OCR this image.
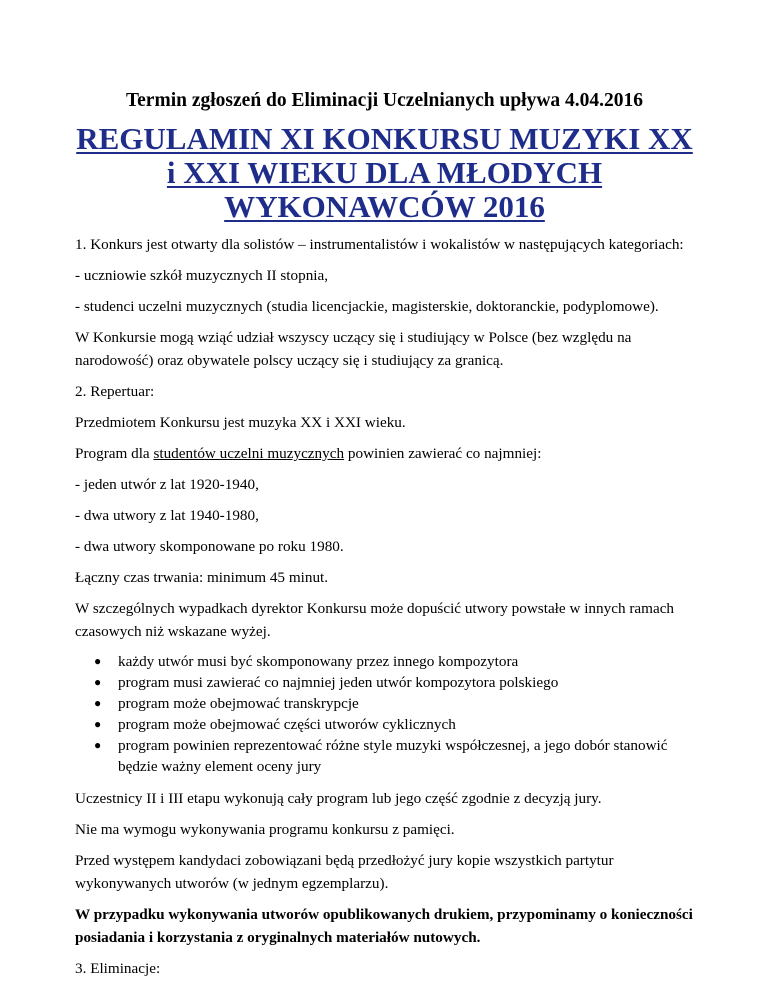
Termin zgłoszeń do Eliminacji Uczelnianych upływa 4.04.2016
REGULAMIN XI KONKURSU MUZYKI XX
i XXI WIEKU DLA MŁODYCH
WYKONAWCÓW 2016

1. Konkurs jest otwarty dla solistów – instrumentalistów i wokalistów w następujących kategoriach:

- uczniowie szkół muzycznych II stopnia,

- studenci uczelni muzycznych (studia licencjackie, magisterskie, doktoranckie, podyplomowe).

W Konkursie mogą wziąć udział wszyscy uczący się i studiujący w Polsce (bez względu na narodowość) oraz obywatele polscy uczący się i studiujący za granicą.

2. Repertuar:

Przedmiotem Konkursu jest muzyka XX i XXI wieku.

Program dla studentów uczelni muzycznych powinien zawierać co najmniej:

- jeden utwór z lat 1920-1940,

- dwa utwory z lat 1940-1980,

- dwa utwory skomponowane po roku 1980.

Łączny czas trwania: minimum 45 minut.

W szczególnych wypadkach dyrektor Konkursu może dopuścić utwory powstałe w innych ramach czasowych niż wskazane wyżej.

● każdy utwór musi być skomponowany przez innego kompozytora
● program musi zawierać co najmniej jeden utwór kompozytora polskiego
● program może obejmować transkrypcje
● program może obejmować części utworów cyklicznych
● program powinien reprezentować różne style muzyki współczesnej, a jego dobór stanowić będzie ważny element oceny jury

Uczestnicy II i III etapu wykonują cały program lub jego część zgodnie z decyzją jury.

Nie ma wymogu wykonywania programu konkursu z pamięci.

Przed występem kandydaci zobowiązani będą przedłożyć jury kopie wszystkich partytur wykonywanych utworów (w jednym egzemplarzu).

W przypadku wykonywania utworów opublikowanych drukiem, przypominamy o konieczności posiadania i korzystania z oryginalnych materiałów nutowych.

3. Eliminacje:
